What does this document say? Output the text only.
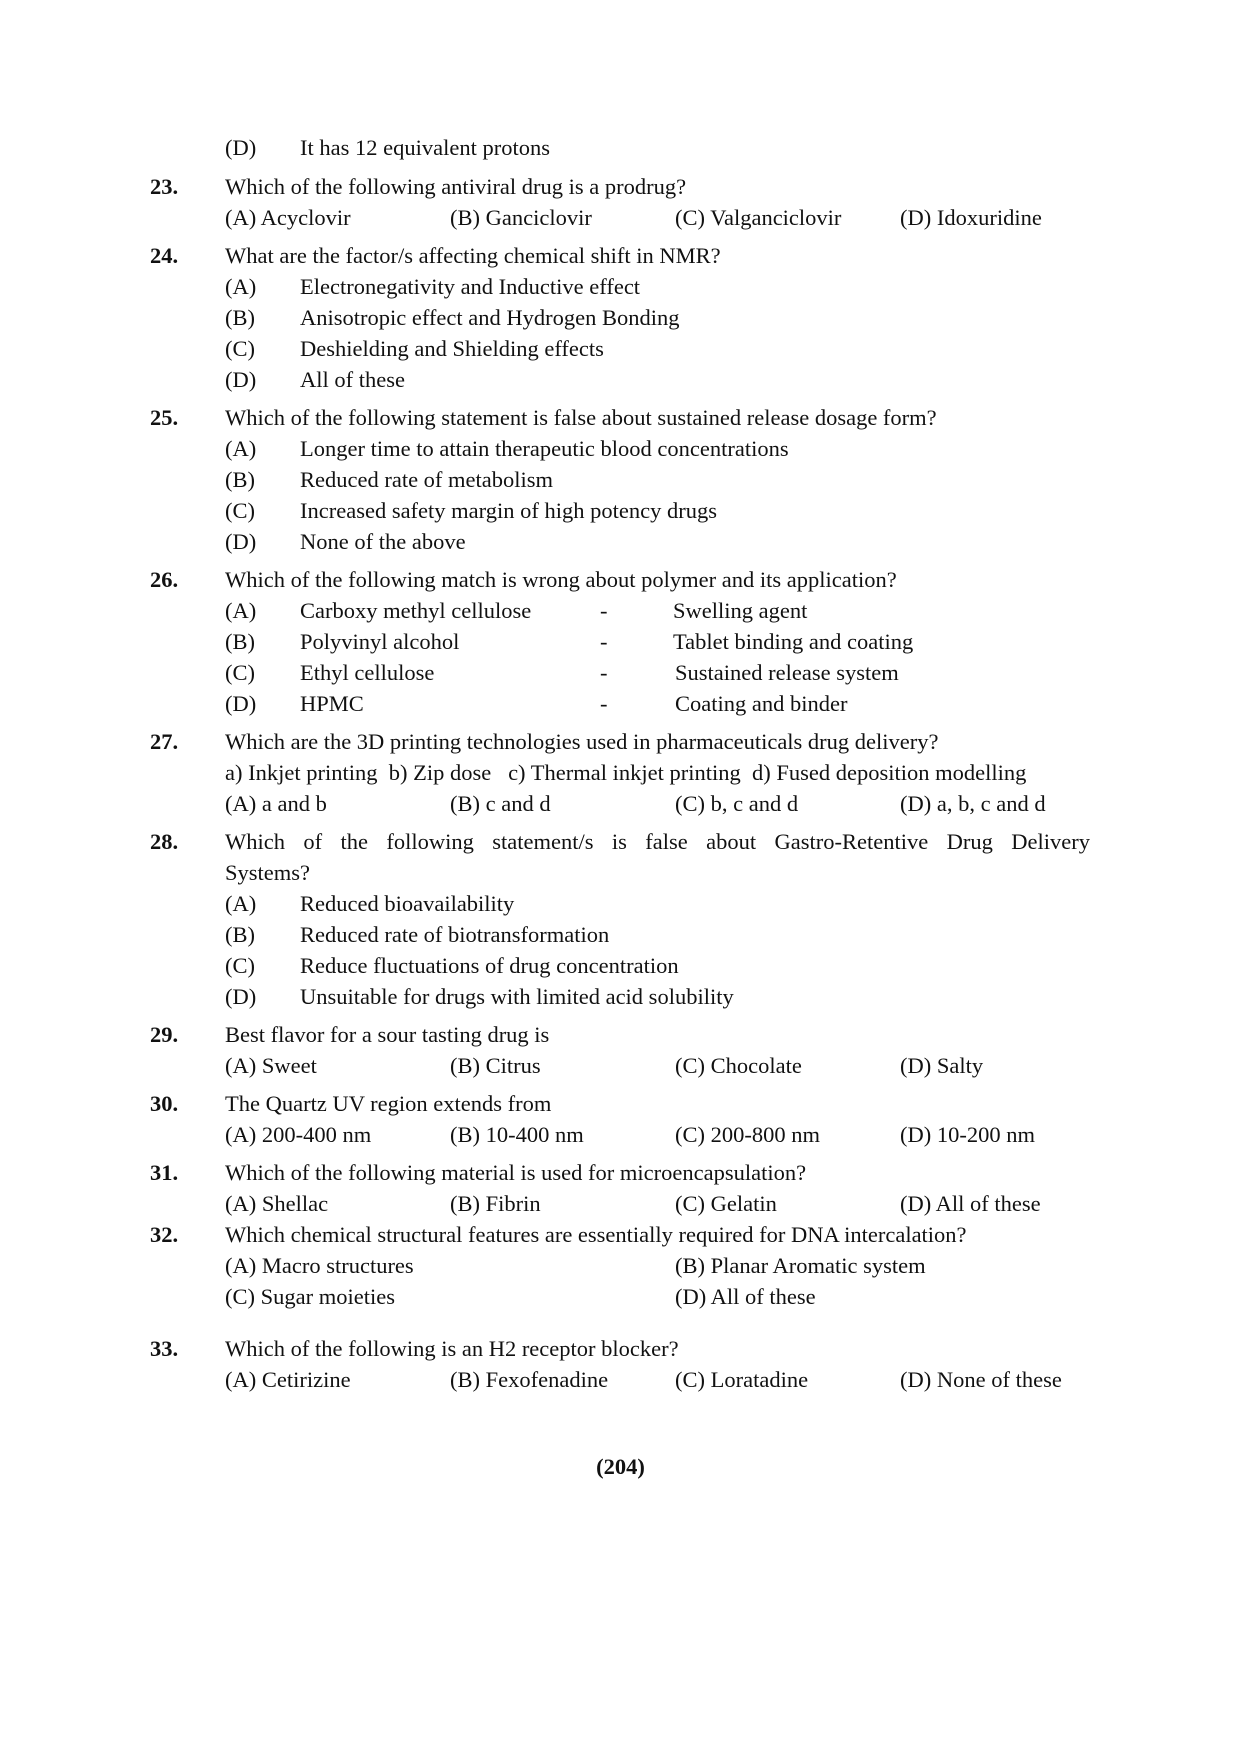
(D) It has 12 equivalent protons
23. Which of the following antiviral drug is a prodrug?
(A) Acyclovir	(B) Ganciclovir	(C) Valganciclovir	(D) Idoxuridine
24. What are the factor/s affecting chemical shift in NMR?
(A) Electronegativity and Inductive effect
(B) Anisotropic effect and Hydrogen Bonding
(C) Deshielding and Shielding effects
(D) All of these
25. Which of the following statement is false about sustained release dosage form?
(A) Longer time to attain therapeutic blood concentrations
(B) Reduced rate of metabolism
(C) Increased safety margin of high potency drugs
(D) None of the above
26. Which of the following match is wrong about polymer and its application?
(A) Carboxy methyl cellulose	-	Swelling agent
(B) Polyvinyl alcohol	-	Tablet binding and coating
(C) Ethyl cellulose	-	Sustained release system
(D) HPMC	-	Coating and binder
27. Which are the 3D printing technologies used in pharmaceuticals drug delivery?
a) Inkjet printing  b) Zip dose   c) Thermal inkjet printing  d) Fused deposition modelling
(A) a and b	(B) c and d	(C) b, c and d	(D) a, b, c and d
28. Which of the following statement/s is false about Gastro-Retentive Drug Delivery
Systems?
(A) Reduced bioavailability
(B) Reduced rate of biotransformation
(C) Reduce fluctuations of drug concentration
(D) Unsuitable for drugs with limited acid solubility
29. Best flavor for a sour tasting drug is
(A) Sweet	(B) Citrus	(C) Chocolate	(D) Salty
30. The Quartz UV region extends from
(A) 200-400 nm	(B) 10-400 nm	(C) 200-800 nm	(D) 10-200 nm
31. Which of the following material is used for microencapsulation?
(A) Shellac	(B) Fibrin	(C) Gelatin	(D) All of these
32. Which chemical structural features are essentially required for DNA intercalation?
(A) Macro structures	(B) Planar Aromatic system
(C) Sugar moieties	(D) All of these
33. Which of the following is an H2 receptor blocker?
(A) Cetirizine	(B) Fexofenadine	(C) Loratadine	(D) None of these
(204)
